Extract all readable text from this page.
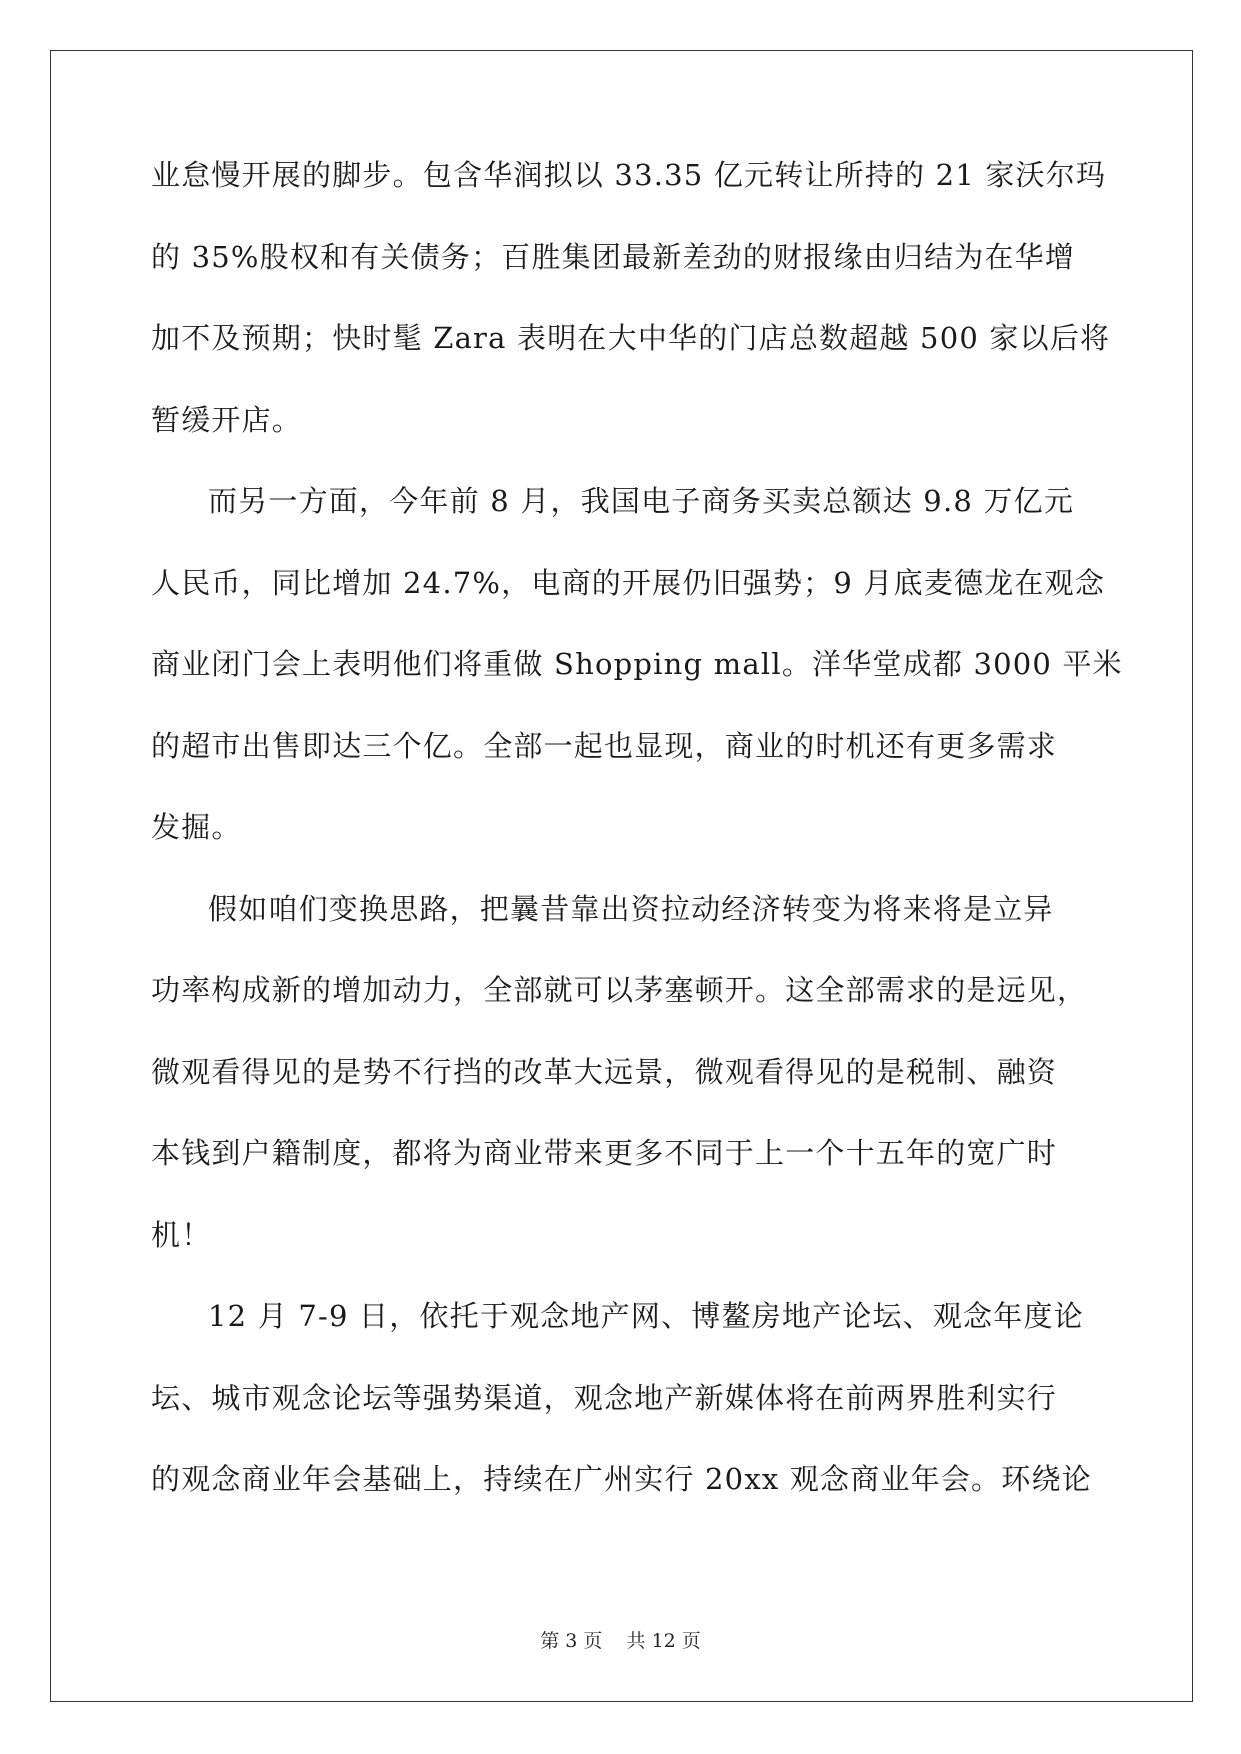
业怠慢开展的脚步。包含华润拟以 33.35 亿元转让所持的 21 家沃尔玛
的 35%股权和有关债务；百胜集团最新差劲的财报缘由归结为在华增
加不及预期；快时髦 Zara 表明在大中华的门店总数超越 500 家以后将
暂缓开店。

而另一方面，今年前 8 月，我国电子商务买卖总额达 9.8 万亿元
人民币，同比增加 24.7%，电商的开展仍旧强势；9 月底麦德龙在观念
商业闭门会上表明他们将重做 Shopping mall。洋华堂成都 3000 平米
的超市出售即达三个亿。全部一起也显现，商业的时机还有更多需求
发掘。

假如咱们变换思路，把曩昔靠出资拉动经济转变为将来将是立异
功率构成新的增加动力，全部就可以茅塞顿开。这全部需求的是远见，
微观看得见的是势不行挡的改革大远景，微观看得见的是税制、融资
本钱到户籍制度，都将为商业带来更多不同于上一个十五年的宽广时
机！

12 月 7-9 日，依托于观念地产网、博鳌房地产论坛、观念年度论
坛、城市观念论坛等强势渠道，观念地产新媒体将在前两界胜利实行
的观念商业年会基础上，持续在广州实行 20xx 观念商业年会。环绕论

第 3 页 共 12 页
